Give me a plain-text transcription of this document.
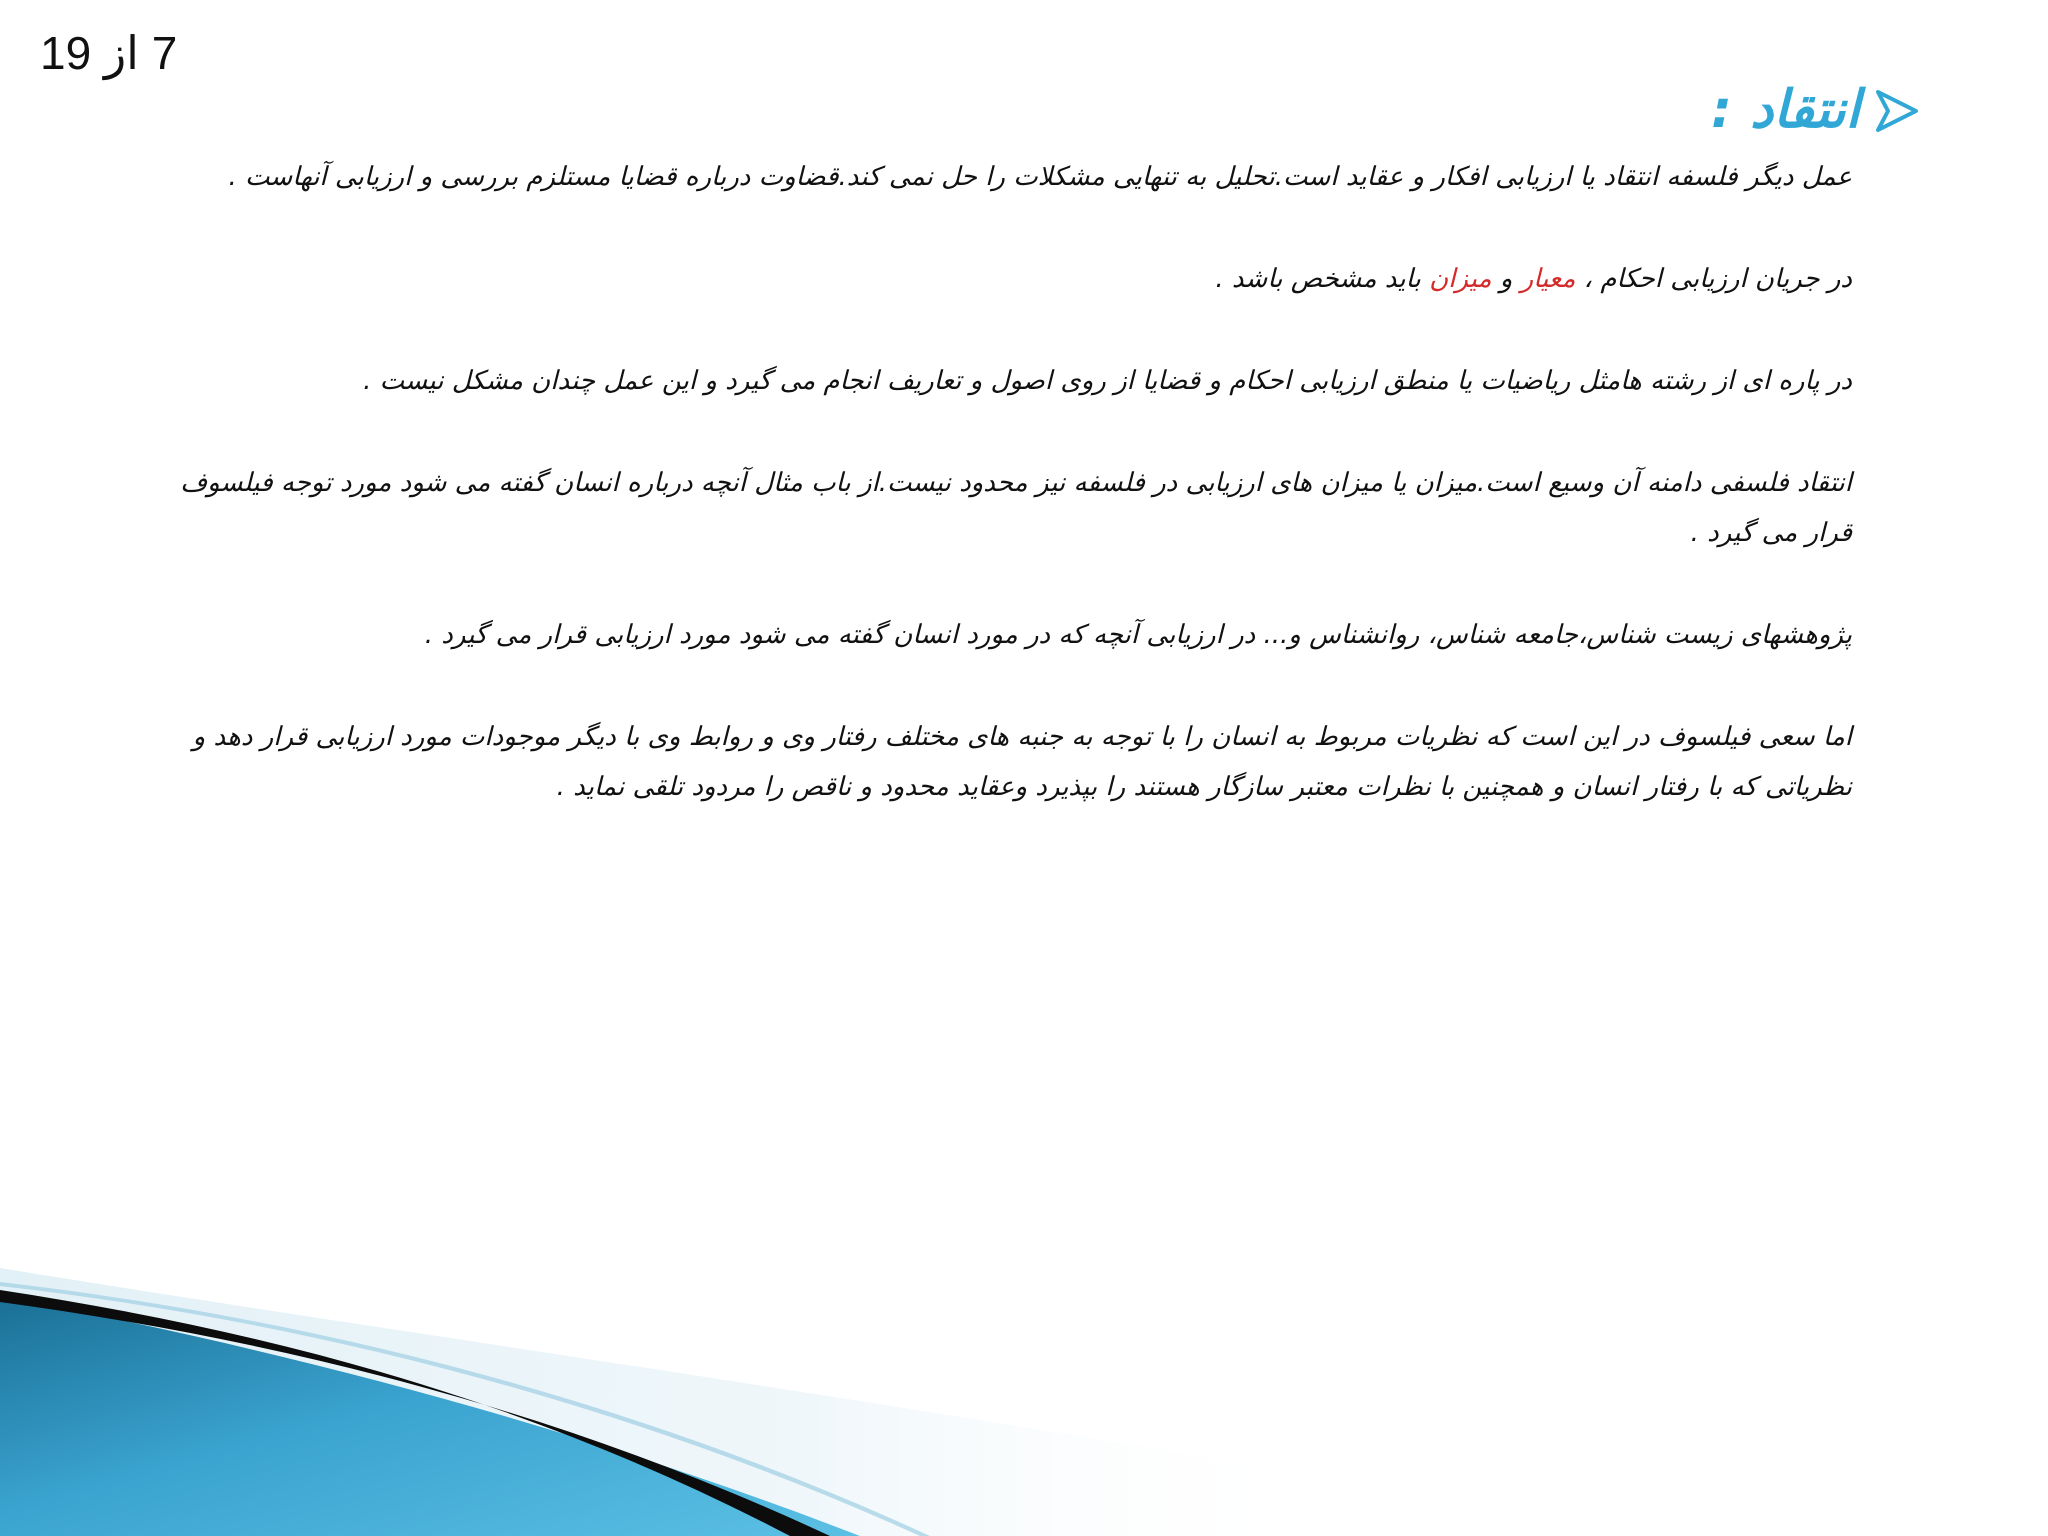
7 از 19
انتقاد :

عمل دیگر فلسفه انتقاد یا ارزیابی افکار و عقاید است.تحلیل به تنهایی مشکلات را حل نمی کند.قضاوت درباره قضایا مستلزم بررسی و ارزیابی آنهاست .

در جریان ارزیابی احکام ، معیار و میزان باید مشخص باشد .

در پاره ای از رشته هامثل ریاضیات یا منطق ارزیابی احکام و قضایا از روی اصول و تعاریف انجام می گیرد و این عمل چندان مشکل نیست .

انتقاد فلسفی دامنه آن وسیع است.میزان یا میزان های ارزیابی در فلسفه نیز محدود نیست.از باب مثال آنچه درباره انسان گفته می شود مورد توجه فیلسوف قرار می گیرد .

پژوهشهای زیست شناس،جامعه شناس، روانشناس و... در ارزیابی آنچه که در مورد انسان گفته می شود مورد ارزیابی قرار می گیرد .

اما سعی فیلسوف در این است که نظریات مربوط به انسان را با توجه به جنبه های مختلف رفتار وی و روابط وی با دیگر موجودات مورد ارزیابی قرار دهد و نظریاتی که با رفتار انسان و همچنین با نظرات معتبر سازگار هستند را بپذیرد وعقاید محدود و ناقص را مردود تلقی نماید .
